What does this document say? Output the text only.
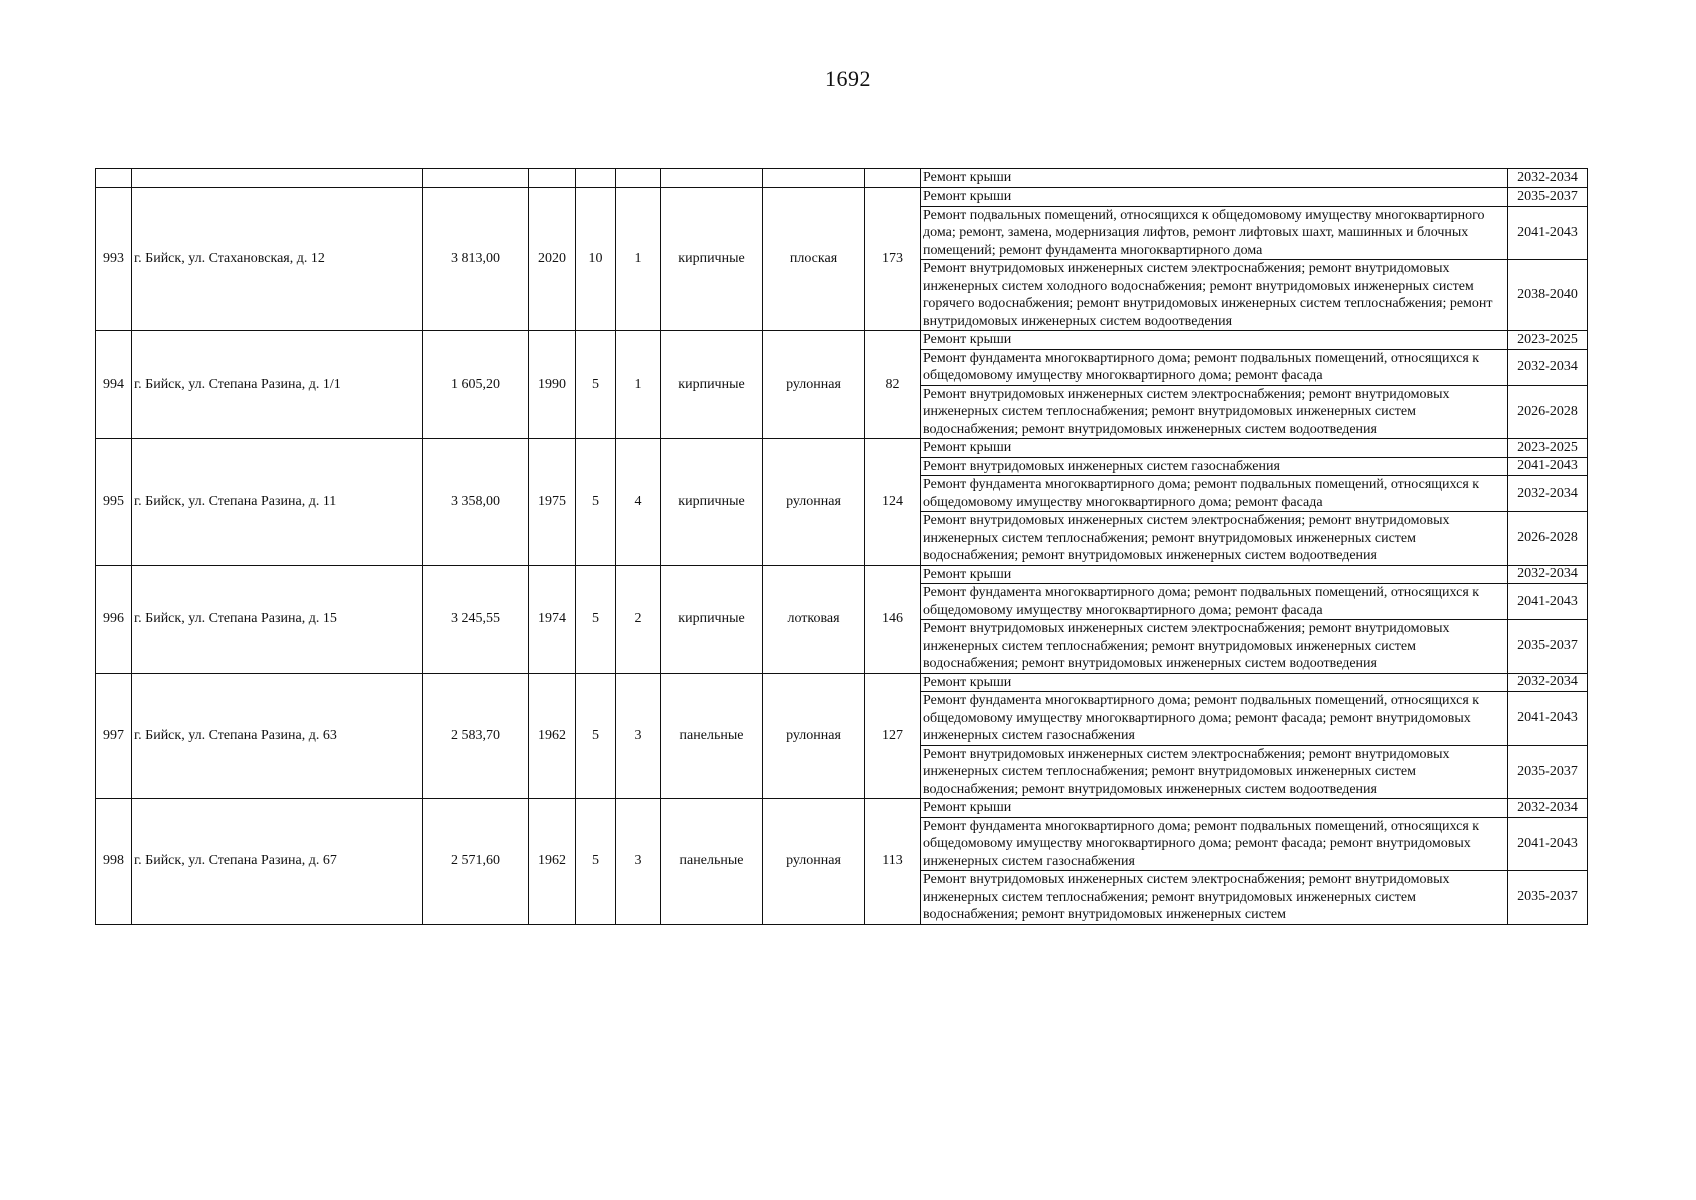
1692
									Ремонт крыши	2032-2034
993	г. Бийск, ул. Стахановская, д. 12	3 813,00	2020	10	1	кирпичные	плоская	173	Ремонт крыши	2035-2037
									Ремонт подвальных помещений, относящихся к общедомовому имуществу многоквартирного дома; ремонт, замена, модернизация лифтов, ремонт лифтовых шахт, машинных и блочных помещений; ремонт фундамента многоквартирного дома	2041-2043
									Ремонт внутридомовых инженерных систем электроснабжения; ремонт внутридомовых инженерных систем холодного водоснабжения; ремонт внутридомовых инженерных систем горячего водоснабжения; ремонт внутридомовых инженерных систем теплоснабжения; ремонт внутридомовых инженерных систем водоотведения	2038-2040
994	г. Бийск, ул. Степана Разина, д. 1/1	1 605,20	1990	5	1	кирпичные	рулонная	82	Ремонт крыши	2023-2025
									Ремонт фундамента многоквартирного дома; ремонт подвальных помещений, относящихся к общедомовому имуществу многоквартирного дома; ремонт фасада	2032-2034
									Ремонт внутридомовых инженерных систем электроснабжения; ремонт внутридомовых инженерных систем теплоснабжения; ремонт внутридомовых инженерных систем водоснабжения; ремонт внутридомовых инженерных систем водоотведения	2026-2028
995	г. Бийск, ул. Степана Разина, д. 11	3 358,00	1975	5	4	кирпичные	рулонная	124	Ремонт крыши	2023-2025
									Ремонт внутридомовых инженерных систем газоснабжения	2041-2043
									Ремонт фундамента многоквартирного дома; ремонт подвальных помещений, относящихся к общедомовому имуществу многоквартирного дома; ремонт фасада	2032-2034
									Ремонт внутридомовых инженерных систем электроснабжения; ремонт внутридомовых инженерных систем теплоснабжения; ремонт внутридомовых инженерных систем водоснабжения; ремонт внутридомовых инженерных систем водоотведения	2026-2028
996	г. Бийск, ул. Степана Разина, д. 15	3 245,55	1974	5	2	кирпичные	лотковая	146	Ремонт крыши	2032-2034
									Ремонт фундамента многоквартирного дома; ремонт подвальных помещений, относящихся к общедомовому имуществу многоквартирного дома; ремонт фасада	2041-2043
									Ремонт внутридомовых инженерных систем электроснабжения; ремонт внутридомовых инженерных систем теплоснабжения; ремонт внутридомовых инженерных систем водоснабжения; ремонт внутридомовых инженерных систем водоотведения	2035-2037
997	г. Бийск, ул. Степана Разина, д. 63	2 583,70	1962	5	3	панельные	рулонная	127	Ремонт крыши	2032-2034
									Ремонт фундамента многоквартирного дома; ремонт подвальных помещений, относящихся к общедомовому имуществу многоквартирного дома; ремонт фасада; ремонт внутридомовых инженерных систем газоснабжения	2041-2043
									Ремонт внутридомовых инженерных систем электроснабжения; ремонт внутридомовых инженерных систем теплоснабжения; ремонт внутридомовых инженерных систем водоснабжения; ремонт внутридомовых инженерных систем водоотведения	2035-2037
998	г. Бийск, ул. Степана Разина, д. 67	2 571,60	1962	5	3	панельные	рулонная	113	Ремонт крыши	2032-2034
									Ремонт фундамента многоквартирного дома; ремонт подвальных помещений, относящихся к общедомовому имуществу многоквартирного дома; ремонт фасада; ремонт внутридомовых инженерных систем газоснабжения	2041-2043
									Ремонт внутридомовых инженерных систем электроснабжения; ремонт внутридомовых инженерных систем теплоснабжения; ремонт внутридомовых инженерных систем водоснабжения; ремонт внутридомовых инженерных систем	2035-2037
